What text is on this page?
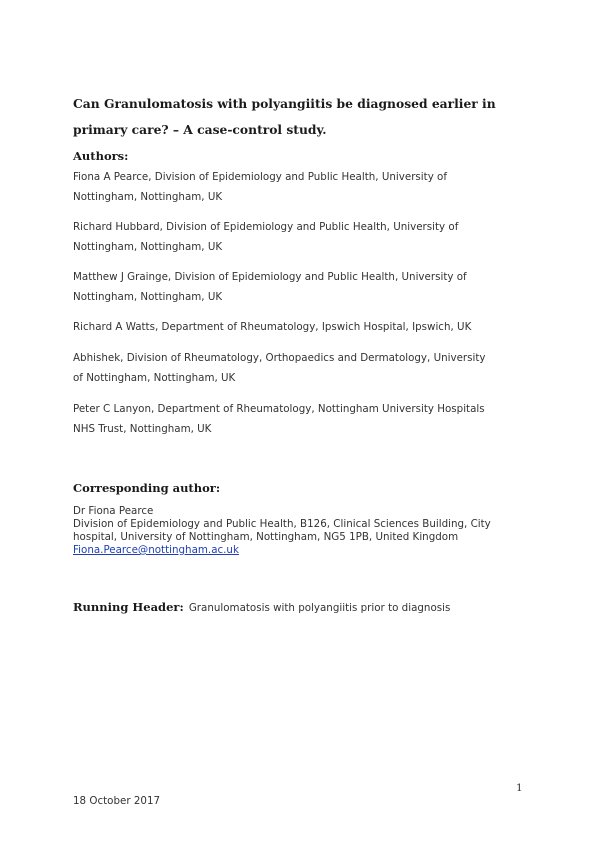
Can Granulomatosis with polyangiitis be diagnosed earlier in primary care? – A case-control study.
Authors:
Fiona A Pearce, Division of Epidemiology and Public Health, University of
Nottingham, Nottingham, UK
Richard Hubbard, Division of Epidemiology and Public Health, University of
Nottingham, Nottingham, UK
Matthew J Grainge, Division of Epidemiology and Public Health, University of
Nottingham, Nottingham, UK
Richard A Watts, Department of Rheumatology, Ipswich Hospital, Ipswich, UK
Abhishek, Division of Rheumatology, Orthopaedics and Dermatology, University
of Nottingham, Nottingham, UK
Peter C Lanyon, Department of Rheumatology, Nottingham University Hospitals
NHS Trust, Nottingham, UK
Corresponding author:
Dr Fiona Pearce
Division of Epidemiology and Public Health, B126, Clinical Sciences Building, City
hospital, University of Nottingham, Nottingham, NG5 1PB, United Kingdom
Fiona.Pearce@nottingham.ac.uk
Running Header: Granulomatosis with polyangiitis prior to diagnosis
1
18 October 2017
